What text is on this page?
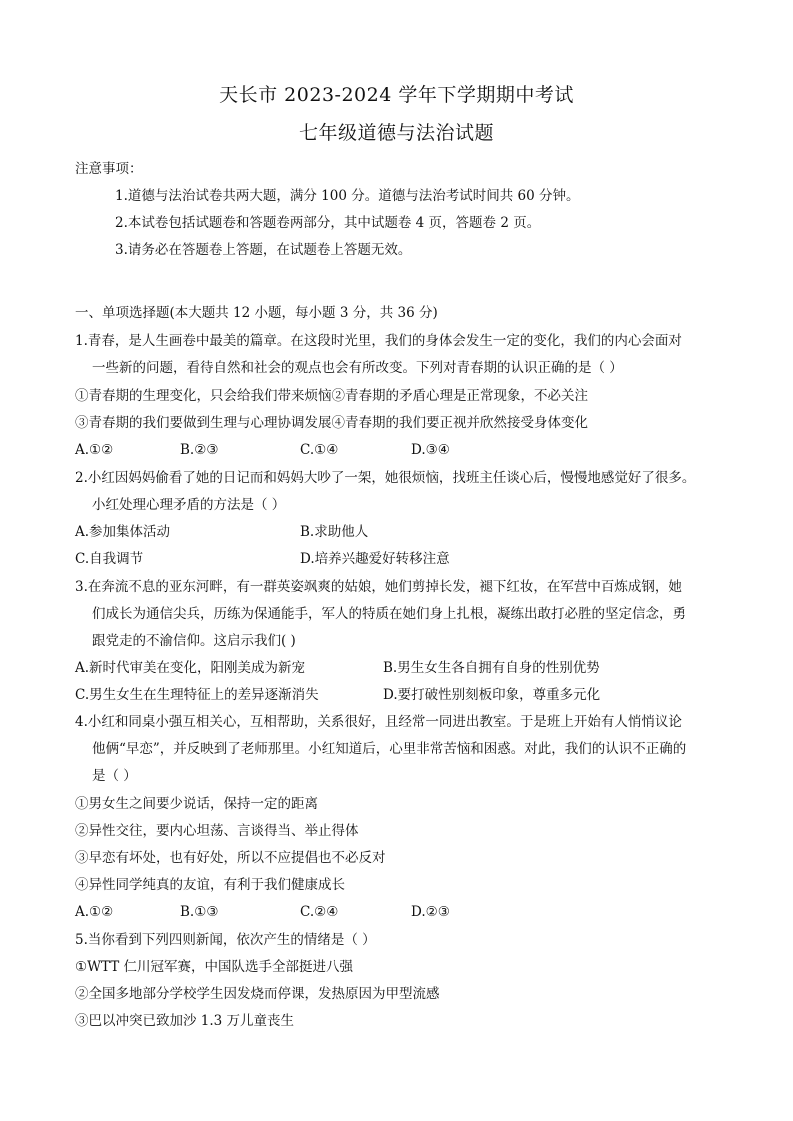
天长市 2023-2024 学年下学期期中考试
七年级道德与法治试题
注意事项：
1.道德与法治试卷共两大题，满分 100 分。道德与法治考试时间共 60 分钟。
2.本试卷包括试题卷和答题卷两部分，其中试题卷 4 页，答题卷 2 页。
3.请务必在答题卷上答题，在试题卷上答题无效。
一、单项选择题(本大题共 12 小题，每小题 3 分，共 36 分)
1.青春，是人生画卷中最美的篇章。在这段时光里，我们的身体会发生一定的变化，我们的内心会面对
一些新的问题，看待自然和社会的观点也会有所改变。下列对青春期的认识正确的是（ ）
①青春期的生理变化，只会给我们带来烦恼②青春期的矛盾心理是正常现象，不必关注
③青春期的我们要做到生理与心理协调发展④青春期的我们要正视并欣然接受身体变化
A.①②	B.②③	C.①④	D.③④
2.小红因妈妈偷看了她的日记而和妈妈大吵了一架，她很烦恼，找班主任谈心后，慢慢地感觉好了很多。
小红处理心理矛盾的方法是（ ）
A.参加集体活动	B.求助他人
C.自我调节	D.培养兴趣爱好转移注意
3.在奔流不息的亚东河畔，有一群英姿飒爽的姑娘，她们剪掉长发，褪下红妆，在军营中百炼成钢，她
们成长为通信尖兵，历练为保通能手，军人的特质在她们身上扎根，凝练出敢打必胜的坚定信念，勇
跟党走的不渝信仰。这启示我们( )
A.新时代审美在变化，阳刚美成为新宠	B.男生女生各自拥有自身的性别优势
C.男生女生在生理特征上的差异逐渐消失	D.要打破性别刻板印象，尊重多元化
4.小红和同桌小强互相关心，互相帮助，关系很好，且经常一同进出教室。于是班上开始有人悄悄议论
他俩“早恋”，并反映到了老师那里。小红知道后，心里非常苦恼和困惑。对此，我们的认识不正确的
是（ ）
①男女生之间要少说话，保持一定的距离
②异性交往，要内心坦荡、言谈得当、举止得体
③早恋有坏处，也有好处，所以不应提倡也不必反对
④异性同学纯真的友谊，有利于我们健康成长
A.①②	B.①③	C.②④	D.②③
5.当你看到下列四则新闻，依次产生的情绪是（ ）
①WTT 仁川冠军赛，中国队选手全部挺进八强
②全国多地部分学校学生因发烧而停课，发热原因为甲型流感
③巴以冲突已致加沙 1.3 万儿童丧生
